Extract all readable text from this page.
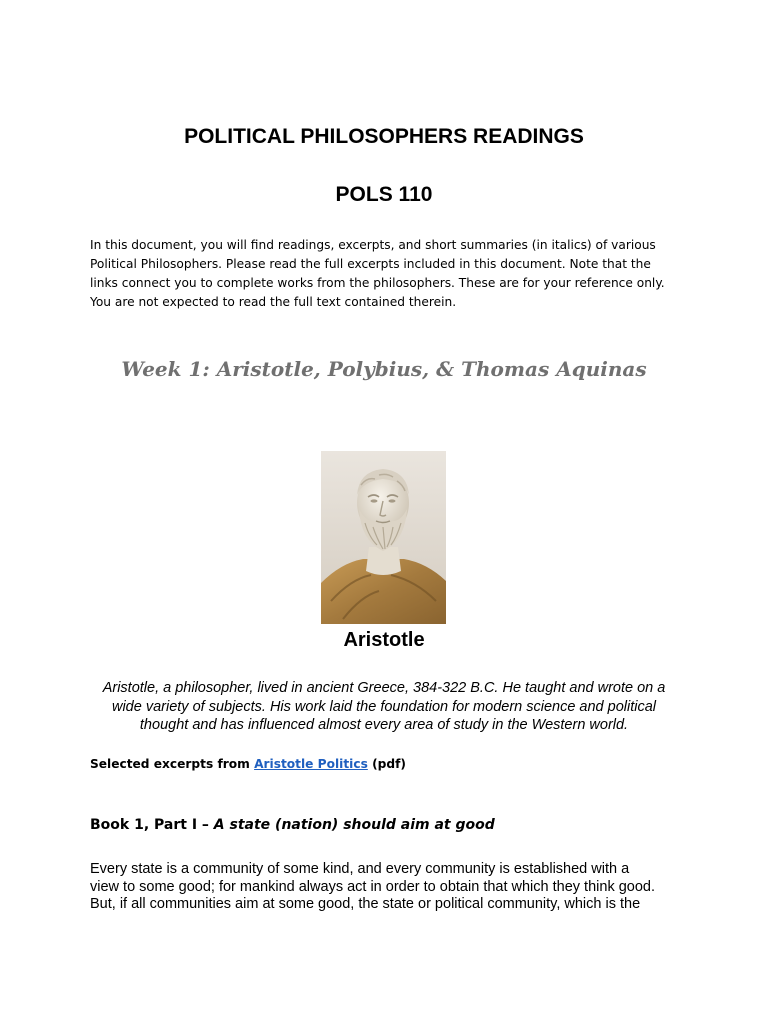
POLITICAL PHILOSOPHERS READINGS
POLS 110

In this document, you will find readings, excerpts, and short summaries (in italics) of various
Political Philosophers. Please read the full excerpts included in this document. Note that the
links connect you to complete works from the philosophers. These are for your reference only.
You are not expected to read the full text contained therein.

Week 1: Aristotle, Polybius, & Thomas Aquinas
Aristotle

Aristotle, a philosopher, lived in ancient Greece, 384-322 B.C. He taught and wrote on a
wide variety of subjects. His work laid the foundation for modern science and political
thought and has influenced almost every area of study in the Western world.

Selected excerpts from Aristotle Politics (pdf)

Book 1, Part I – A state (nation) should aim at good

Every state is a community of some kind, and every community is established with a
view to some good; for mankind always act in order to obtain that which they think good.
But, if all communities aim at some good, the state or political community, which is the
